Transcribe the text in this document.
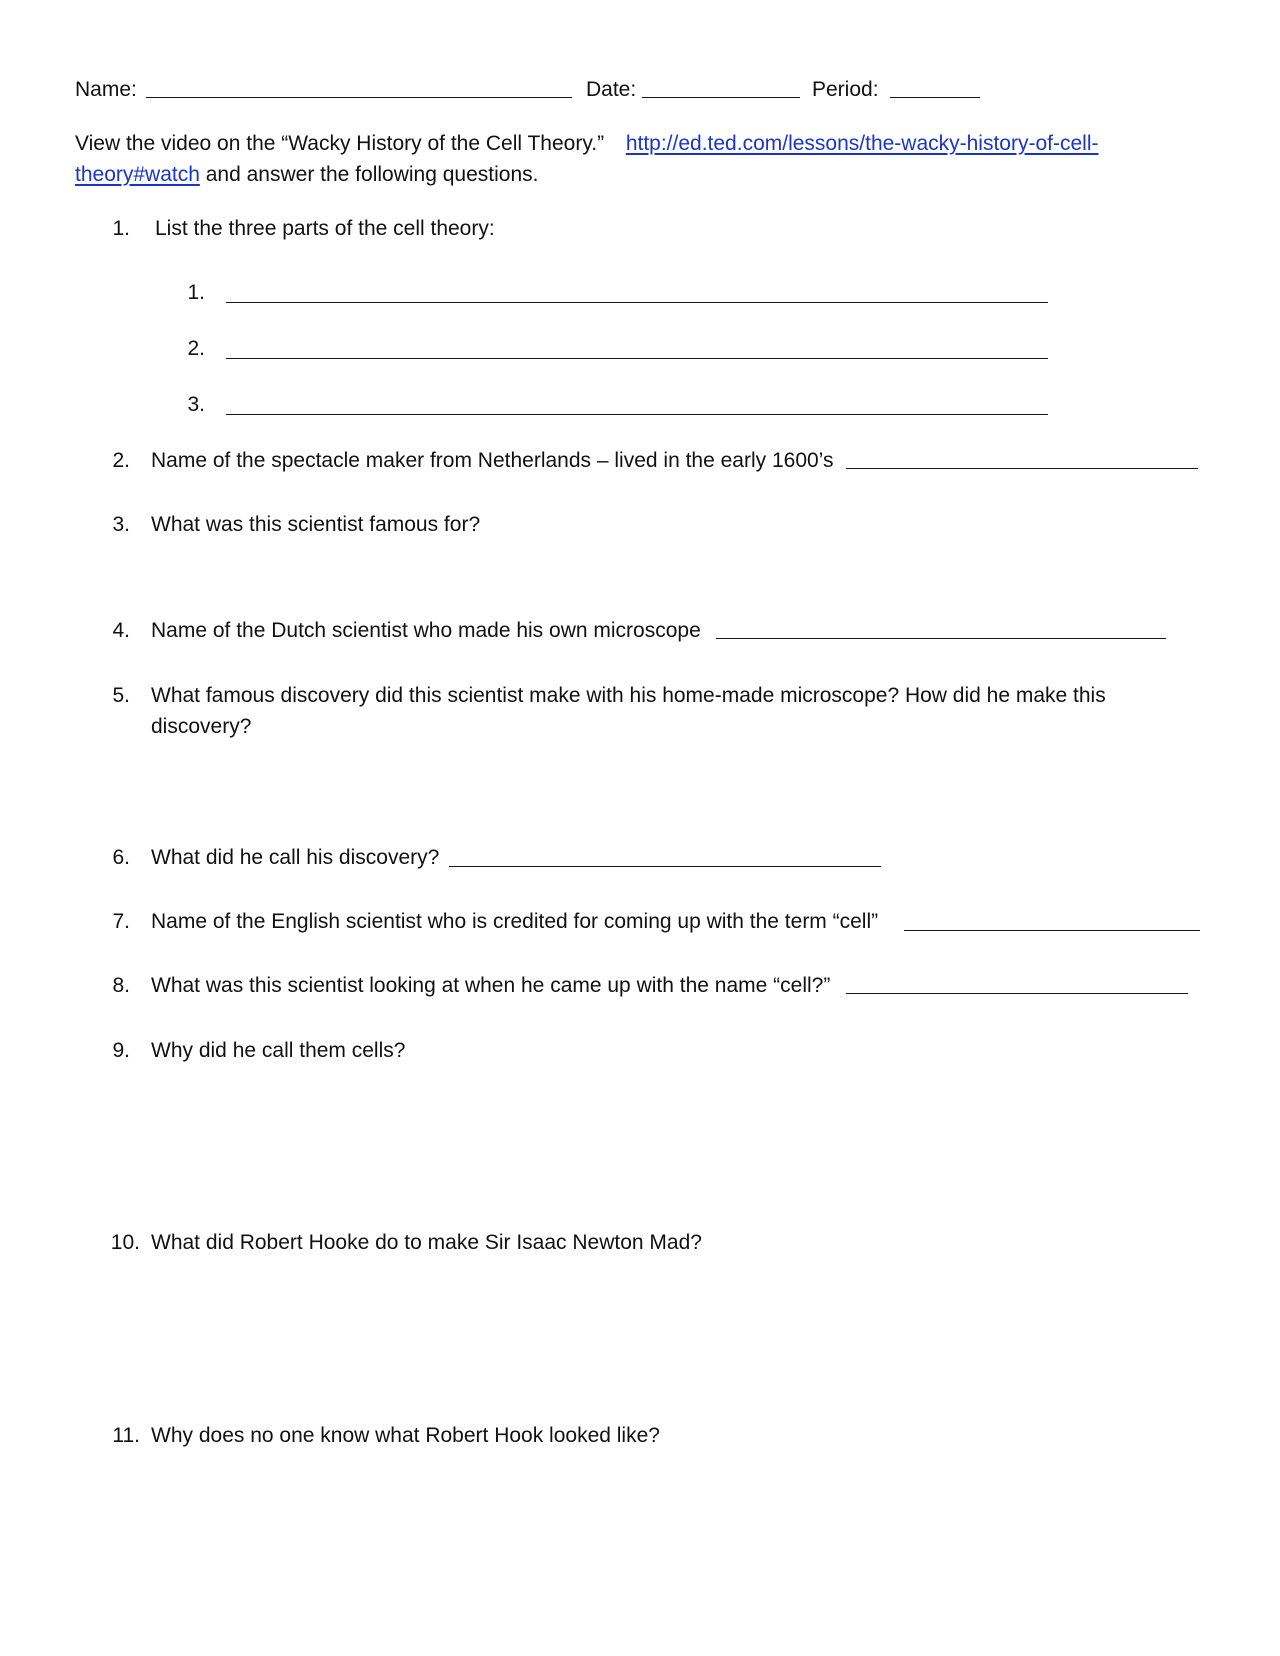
Name:	Date:	Period:
View the video on the “Wacky History of the Cell Theory.” http://ed.ted.com/lessons/the-wacky-history-of-cell-
theory#watch and answer the following questions.
1. List the three parts of the cell theory:
1.
2.
3.
2. Name of the spectacle maker from Netherlands – lived in the early 1600’s
3. What was this scientist famous for?
4. Name of the Dutch scientist who made his own microscope
5. What famous discovery did this scientist make with his home-made microscope? How did he make this
discovery?
6. What did he call his discovery?
7. Name of the English scientist who is credited for coming up with the term “cell”
8. What was this scientist looking at when he came up with the name “cell?”
9. Why did he call them cells?
10. What did Robert Hooke do to make Sir Isaac Newton Mad?
11. Why does no one know what Robert Hook looked like?
